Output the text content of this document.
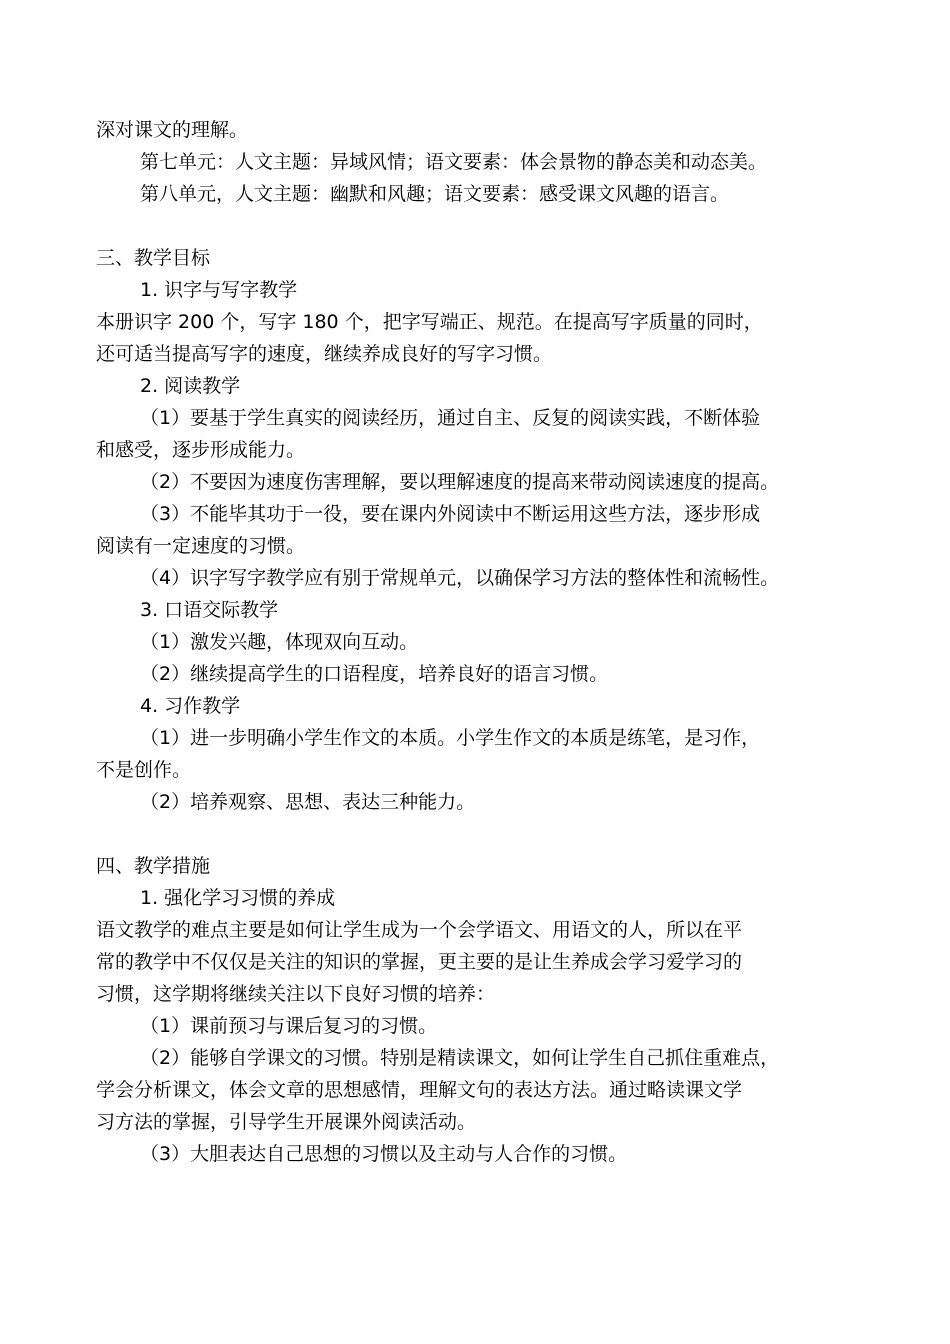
深对课文的理解。
第七单元：人文主题：异域风情；语文要素：体会景物的静态美和动态美。
第八单元，人文主题：幽默和风趣；语文要素：感受课文风趣的语言。
三、教学目标
1. 识字与写字教学
本册识字 200 个，写字 180 个，把字写端正、规范。在提高写字质量的同时，
还可适当提高写字的速度，继续养成良好的写字习惯。
2. 阅读教学
（1）要基于学生真实的阅读经历，通过自主、反复的阅读实践，不断体验
和感受，逐步形成能力。
（2）不要因为速度伤害理解，要以理解速度的提高来带动阅读速度的提高。
（3）不能毕其功于一役，要在课内外阅读中不断运用这些方法，逐步形成
阅读有一定速度的习惯。
（4）识字写字教学应有别于常规单元，以确保学习方法的整体性和流畅性。
3. 口语交际教学
（1）激发兴趣，体现双向互动。
（2）继续提高学生的口语程度，培养良好的语言习惯。
4. 习作教学
（1）进一步明确小学生作文的本质。小学生作文的本质是练笔，是习作，
不是创作。
（2）培养观察、思想、表达三种能力。
四、教学措施
1. 强化学习习惯的养成
语文教学的难点主要是如何让学生成为一个会学语文、用语文的人，所以在平
常的教学中不仅仅是关注的知识的掌握，更主要的是让生养成会学习爱学习的
习惯，这学期将继续关注以下良好习惯的培养：
（1）课前预习与课后复习的习惯。
（2）能够自学课文的习惯。特别是精读课文，如何让学生自己抓住重难点，
学会分析课文，体会文章的思想感情，理解文句的表达方法。通过略读课文学
习方法的掌握，引导学生开展课外阅读活动。
（3）大胆表达自己思想的习惯以及主动与人合作的习惯。
